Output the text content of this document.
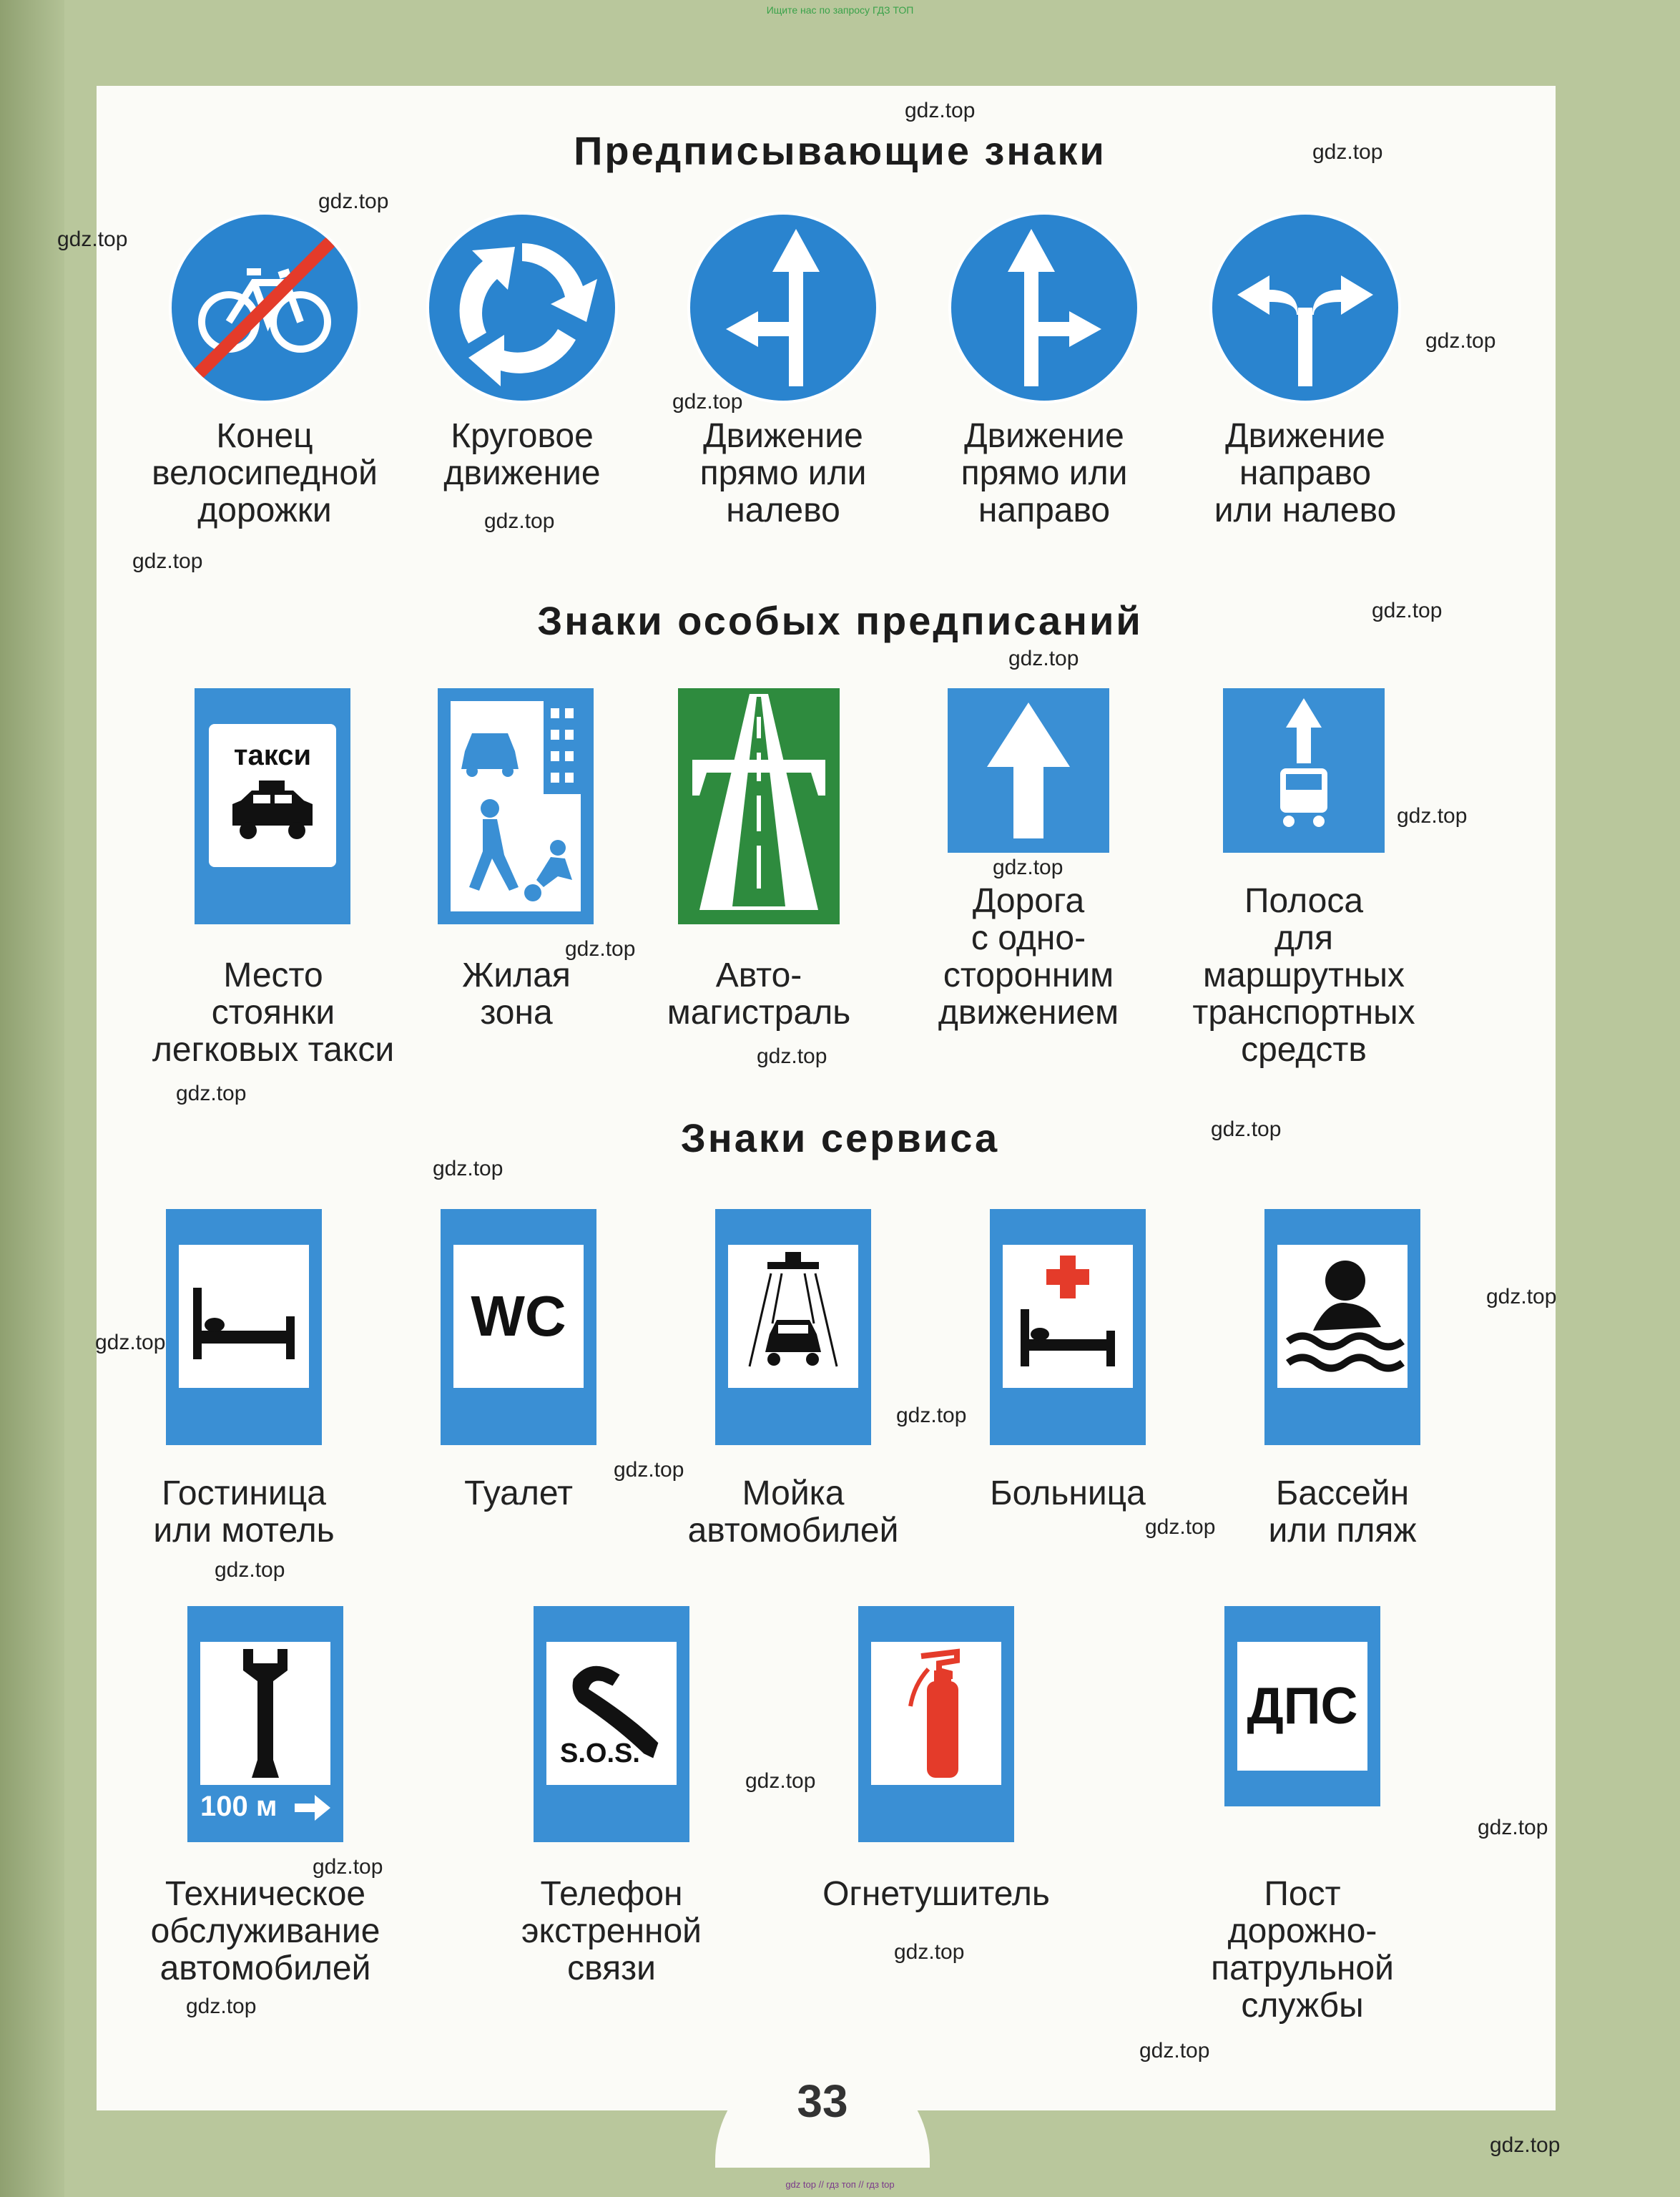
Ищите нас по запросу ГДЗ ТОП
Предписывающие знаки
Конец
велосипедной
дорожки
Круговое
движение
Движение
прямо или
налево
Движение
прямо или
направо
Движение
направо
или налево
Знаки особых предписаний
такси
Место
стоянки
легковых такси
Жилая
зона
Авто-
магистраль
Дорога
с одно-
сторонним
движением
Полоса
для
маршрутных
транспортных
средств
Знаки сервиса
WC
Гостиница
или мотель
Туалет	Мойка
автомобилей
Больница	Бассейн
или пляж
100 м
S.O.S.
ДПС
Техническое
обслуживание
автомобилей
Телефон
экстренной
связи
Огнетушитель	Пост
дорожно-патрульной
службы
33
gdz.top
gdz.top
gdz.top
gdz.top
gdz.top
gdz.top
gdz.top
gdz.top
gdz.top
gdz.top
gdz.top
gdz.top
gdz.top
gdz.top
gdz.top
gdz.top
gdz.top
gdz.top
gdz.top
gdz.top
gdz.top
gdz.top
gdz.top
gdz.top
gdz.top
gdz.top
gdz.top
gdz.top
gdz.top
gdz.top
gdz top // гдз топ // гдз top
